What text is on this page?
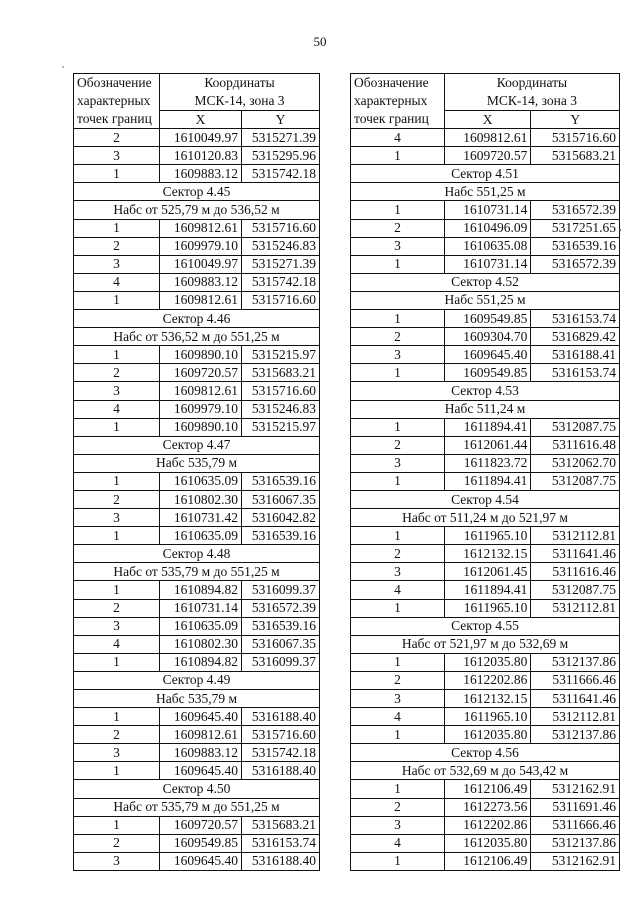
50
Обозначение
характерных
точек границ	Координаты
МСК-14, зона 3	

	X	Y
2	1610049.97	5315271.39
3	1610120.83	5315295.96
1	1609883.12	5315742.18
Сектор 4.45		
Набс от 525,79 м до 536,52 м		
1	1609812.61	5315716.60
2	1609979.10	5315246.83
3	1610049.97	5315271.39
4	1609883.12	5315742.18
1	1609812.61	5315716.60
Сектор 4.46		
Набс от 536,52 м до 551,25 м		
1	1609890.10	5315215.97
2	1609720.57	5315683.21
3	1609812.61	5315716.60
4	1609979.10	5315246.83
1	1609890.10	5315215.97
Сектор 4.47		
Набс 535,79 м		
1	1610635.09	5316539.16
2	1610802.30	5316067.35
3	1610731.42	5316042.82
1	1610635.09	5316539.16
Сектор 4.48		
Набс от 535,79 м до 551,25 м		
1	1610894.82	5316099.37
2	1610731.14	5316572.39
3	1610635.09	5316539.16
4	1610802.30	5316067.35
1	1610894.82	5316099.37
Сектор 4.49		
Набс 535,79 м		
1	1609645.40	5316188.40
2	1609812.61	5315716.60
3	1609883.12	5315742.18
1	1609645.40	5316188.40
Сектор 4.50		
Набс от 535,79 м до 551,25 м		
1	1609720.57	5315683.21
2	1609549.85	5316153.74
3	1609645.40	5316188.40
Обозначение
характерных
точек границ	Координаты
МСК-14, зона 3	

	X	Y
4	1609812.61	5315716.60
1	1609720.57	5315683.21
Сектор 4.51		
Набс 551,25 м		
1	1610731.14	5316572.39
2	1610496.09	5317251.65
3	1610635.08	5316539.16
1	1610731.14	5316572.39
Сектор 4.52		
Набс 551,25 м		
1	1609549.85	5316153.74
2	1609304.70	5316829.42
3	1609645.40	5316188.41
1	1609549.85	5316153.74
Сектор 4.53		
Набс 511,24 м		
1	1611894.41	5312087.75
2	1612061.44	5311616.48
3	1611823.72	5312062.70
1	1611894.41	5312087.75
Сектор 4.54		
Набс от 511,24 м до 521,97 м		
1	1611965.10	5312112.81
2	1612132.15	5311641.46
3	1612061.45	5311616.46
4	1611894.41	5312087.75
1	1611965.10	5312112.81
Сектор 4.55		
Набс от 521,97 м до 532,69 м		
1	1612035.80	5312137.86
2	1612202.86	5311666.46
3	1612132.15	5311641.46
4	1611965.10	5312112.81
1	1612035.80	5312137.86
Сектор 4.56		
Набс от 532,69 м до 543,42 м		
1	1612106.49	5312162.91
2	1612273.56	5311691.46
3	1612202.86	5311666.46
4	1612035.80	5312137.86
1	1612106.49	5312162.91
